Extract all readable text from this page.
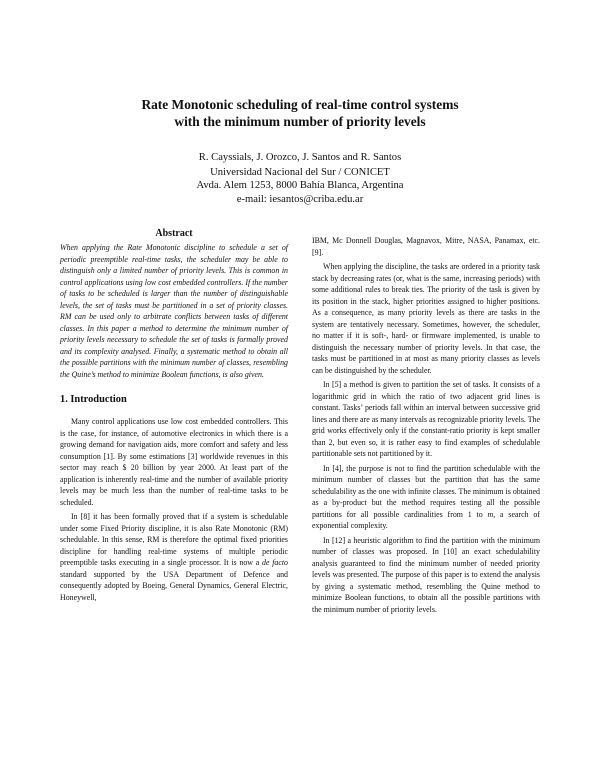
Rate Monotonic scheduling of real-time control systems
with the minimum number of priority levels
R. Cayssials, J. Orozco, J. Santos and R. Santos
Universidad Nacional del Sur / CONICET
Avda. Alem 1253, 8000 Bahía Blanca, Argentina
e-mail: iesantos@criba.edu.ar
Abstract

When applying the Rate Monotonic discipline to schedule a set of periodic preemptible real-time tasks, the scheduler may be able to distinguish only a limited number of priority levels. This is common in control applications using low cost embedded controllers. If the number of tasks to be scheduled is larger than the number of distinguishable levels, the set of tasks must be partitioned in a set of priority classes. RM can be used only to arbitrate conflicts between tasks of different classes. In this paper a method to determine the minimum number of priority levels necessary to schedule the set of tasks is formally proved and its complexity analysed. Finally, a systematic method to obtain all the possible partitions with the minimum number of classes, resembling the Quine’s method to minimize Boolean functions, is also given.

1. Introduction

Many control applications use low cost embedded controllers. This is the case, for instance, of automotive electronics in which there is a growing demand for navigation aids, more comfort and safety and less consumption [1]. By some estimations [3] worldwide revenues in this sector may reach $ 20 billion by year 2000. At least part of the application is inherently real-time and the number of available priority levels may be much less than the number of real-time tasks to be scheduled.

In [8] it has been formally proved that if a system is schedulable under some Fixed Priority discipline, it is also Rate Monotonic (RM) schedulable. In this sense, RM is therefore the optimal fixed priorities discipline for handling real-time systems of multiple periodic preemptible tasks executing in a single processor. It is now a de facto standard supported by the USA Department of Defence and consequently adopted by Boeing, General Dynamics, General Electric, Honeywell,

IBM, Mc Donnell Douglas, Magnavox, Mitre, NASA, Panamax, etc. [9].

When applying the discipline, the tasks are ordered in a priority task stack by decreasing rates (or, what is the same, increasing periods) with some additional rules to break ties. The priority of the task is given by its position in the stack, higher priorities assigned to higher positions. As a consequence, as many priority levels as there are tasks in the system are tentatively necessary. Sometimes, however, the scheduler, no matter if it is soft-, hard- or firmware implemented, is unable to distinguish the necessary number of priority levels. In that case, the tasks must be partitioned in at most as many priority classes as levels can be distinguished by the scheduler.

In [5] a method is given to partition the set of tasks. It consists of a logarithmic grid in which the ratio of two adjacent grid lines is constant. Tasks’ periods fall within an interval between successive grid lines and there are as many intervals as recognizable priority levels. The grid works effectively only if the constant-ratio priority is kept smaller than 2, but even so, it is rather easy to find examples of schedulable partitionable sets not partitioned by it.

In [4], the purpose is not to find the partition schedulable with the minimum number of classes but the partition that has the same schedulability as the one with infinite classes. The minimum is obtained as a by-product but the method requires testing all the possible partitions for all possible cardinalities from 1 to m, a search of exponential complexity.

In [12] a heuristic algorithm to find the partition with the minimum number of classes was proposed. In [10] an exact schedulability analysis guaranteed to find the minimum number of needed priority levels was presented. The purpose of this paper is to extend the analysis by giving a systematic method, resembling the Quine method to minimize Boolean functions, to obtain all the possible partitions with the minimum number of priority levels.
